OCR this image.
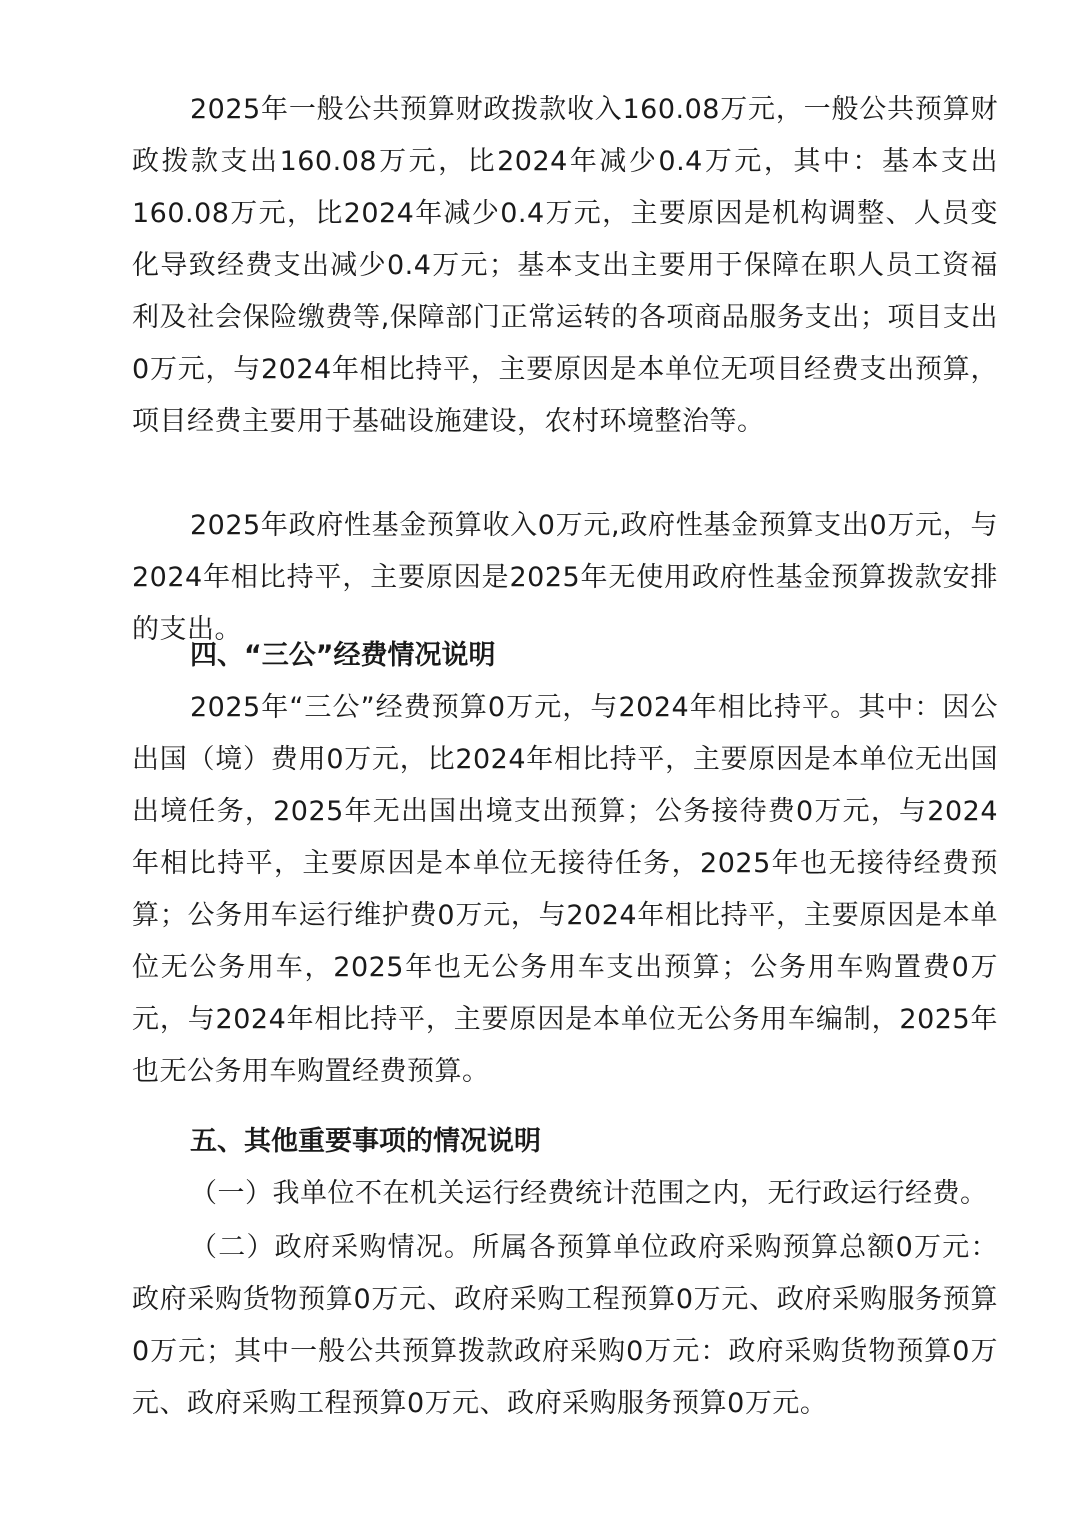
2025年一般公共预算财政拨款收入160.08万元，一般公共预算财政拨款支出160.08万元，比2024年减少0.4万元，其中：基本支出160.08万元，比2024年减少0.4万元，主要原因是机构调整、人员变化导致经费支出减少0.4万元；基本支出主要用于保障在职人员工资福利及社会保险缴费等,保障部门正常运转的各项商品服务支出；项目支出0万元，与2024年相比持平，主要原因是本单位无项目经费支出预算，项目经费主要用于基础设施建设，农村环境整治等。

2025年政府性基金预算收入0万元,政府性基金预算支出0万元，与2024年相比持平，主要原因是2025年无使用政府性基金预算拨款安排的支出。

四、“三公”经费情况说明

2025年“三公”经费预算0万元，与2024年相比持平。其中：因公出国（境）费用0万元，比2024年相比持平，主要原因是本单位无出国出境任务，2025年无出国出境支出预算；公务接待费0万元，与2024年相比持平，主要原因是本单位无接待任务，2025年也无接待经费预算；公务用车运行维护费0万元，与2024年相比持平，主要原因是本单位无公务用车，2025年也无公务用车支出预算；公务用车购置费0万元，与2024年相比持平，主要原因是本单位无公务用车编制，2025年也无公务用车购置经费预算。

五、其他重要事项的情况说明

（一）我单位不在机关运行经费统计范围之内，无行政运行经费。

（二）政府采购情况。所属各预算单位政府采购预算总额0万元：政府采购货物预算0万元、政府采购工程预算0万元、政府采购服务预算0万元；其中一般公共预算拨款政府采购0万元：政府采购货物预算0万元、政府采购工程预算0万元、政府采购服务预算0万元。
